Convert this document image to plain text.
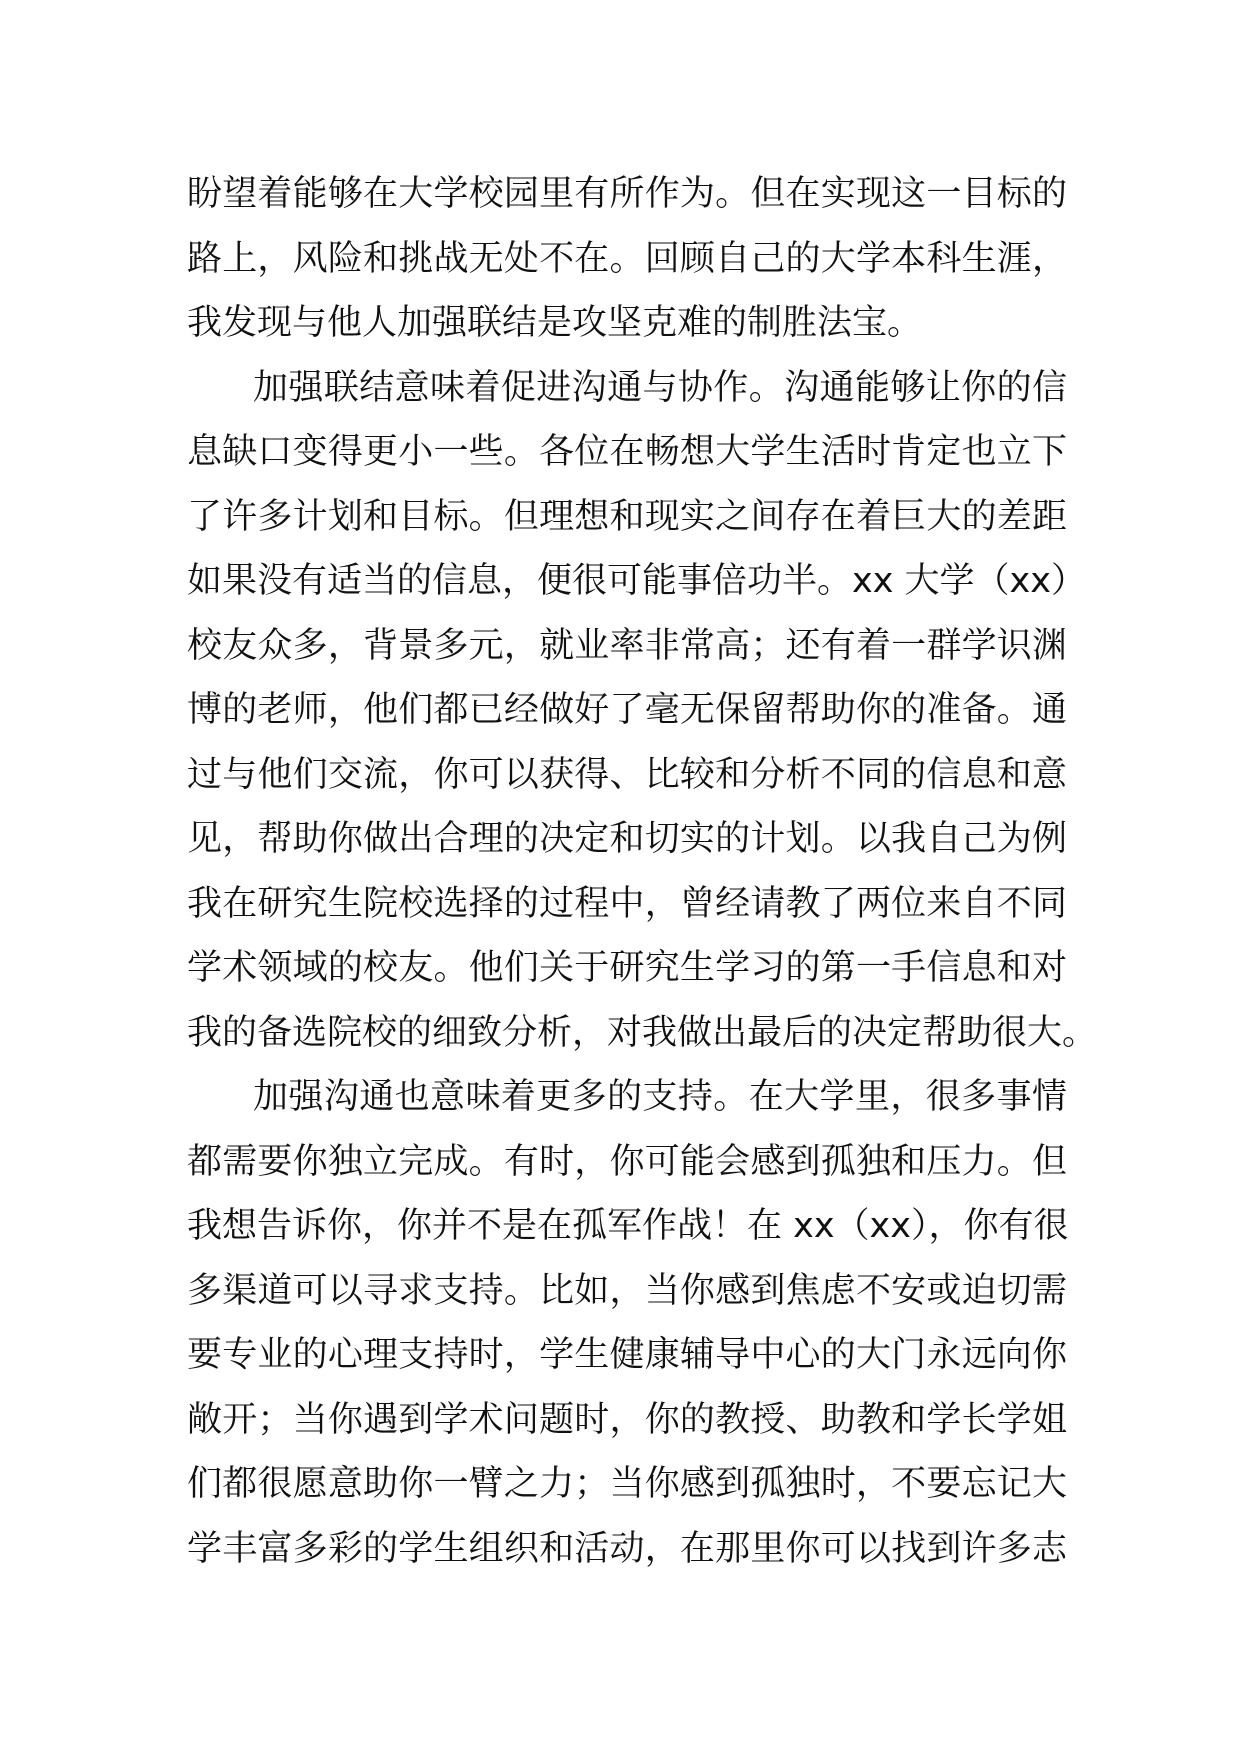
盼望着能够在大学校园里有所作为。但在实现这一目标的
路上，风险和挑战无处不在。回顾自己的大学本科生涯，
我发现与他人加强联结是攻坚克难的制胜法宝。
加强联结意味着促进沟通与协作。沟通能够让你的信
息缺口变得更小一些。各位在畅想大学生活时肯定也立下
了许多计划和目标。但理想和现实之间存在着巨大的差距
如果没有适当的信息，便很可能事倍功半。xx 大学（xx）
校友众多，背景多元，就业率非常高；还有着一群学识渊
博的老师，他们都已经做好了毫无保留帮助你的准备。通
过与他们交流，你可以获得、比较和分析不同的信息和意
见，帮助你做出合理的决定和切实的计划。以我自己为例
我在研究生院校选择的过程中，曾经请教了两位来自不同
学术领域的校友。他们关于研究生学习的第一手信息和对
我的备选院校的细致分析，对我做出最后的决定帮助很大。
加强沟通也意味着更多的支持。在大学里，很多事情
都需要你独立完成。有时，你可能会感到孤独和压力。但
我想告诉你，你并不是在孤军作战！在 xx（xx），你有很
多渠道可以寻求支持。比如，当你感到焦虑不安或迫切需
要专业的心理支持时，学生健康辅导中心的大门永远向你
敞开；当你遇到学术问题时，你的教授、助教和学长学姐
们都很愿意助你一臂之力；当你感到孤独时，不要忘记大
学丰富多彩的学生组织和活动，在那里你可以找到许多志
